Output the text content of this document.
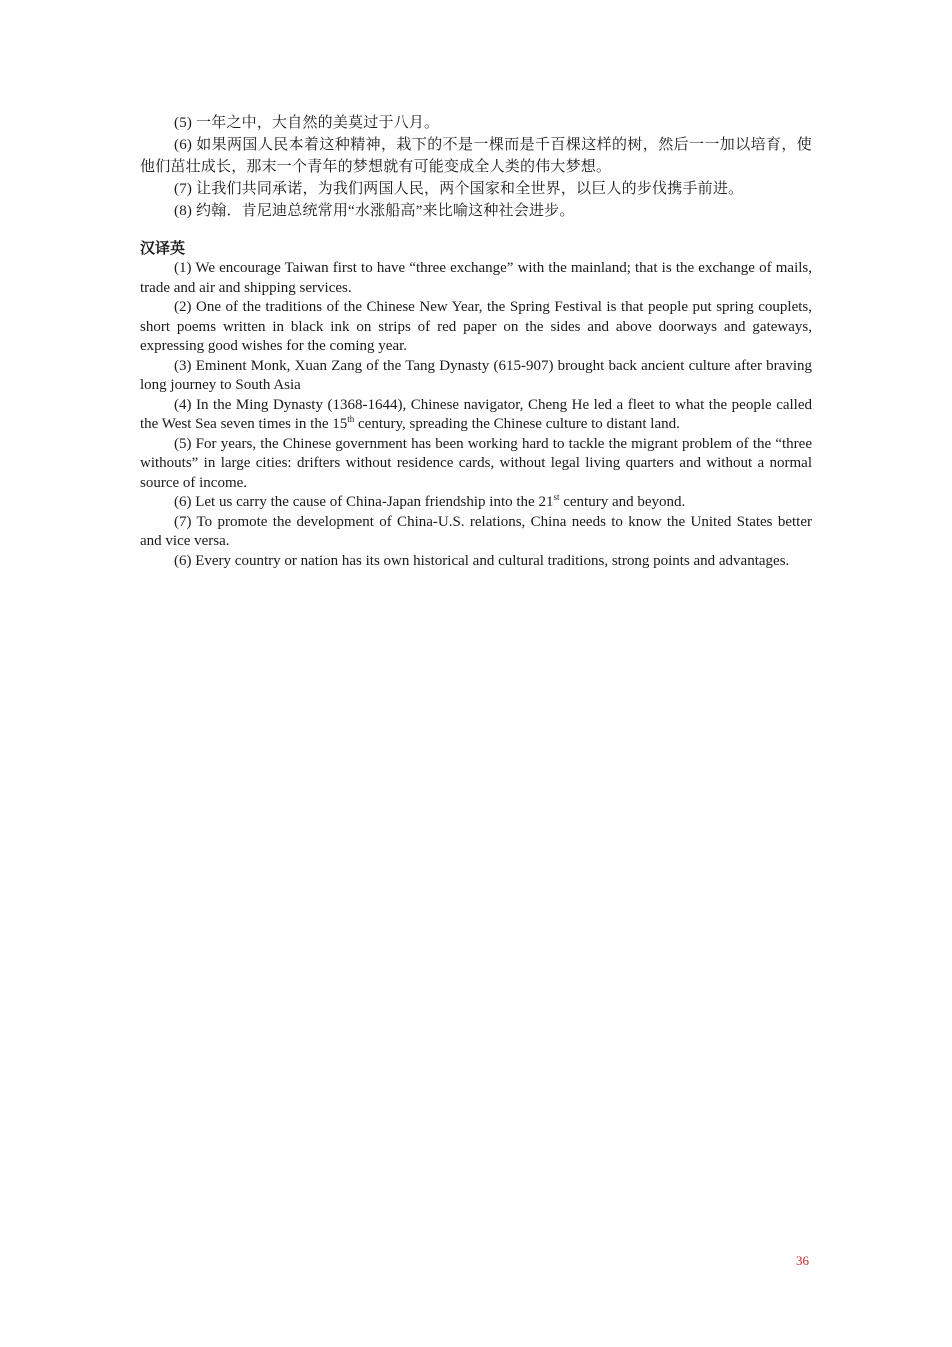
(5) 一年之中，大自然的美莫过于八月。

(6) 如果两国人民本着这种精神，栽下的不是一棵而是千百棵这样的树，然后一一加以培育，使他们茁壮成长，那末一个青年的梦想就有可能变成全人类的伟大梦想。

(7) 让我们共同承诺，为我们两国人民，两个国家和全世界，以巨人的步伐携手前进。

(8) 约翰．肯尼迪总统常用“水涨船高”来比喻这种社会进步。

汉译英

(1) We encourage Taiwan first to have “three exchange” with the mainland; that is the exchange of mails, trade and air and shipping services.

(2) One of the traditions of the Chinese New Year, the Spring Festival is that people put spring couplets, short poems written in black ink on strips of red paper on the sides and above doorways and gateways, expressing good wishes for the coming year.

(3) Eminent Monk, Xuan Zang of the Tang Dynasty (615-907) brought back ancient culture after braving long journey to South Asia

(4) In the Ming Dynasty (1368-1644), Chinese navigator, Cheng He led a fleet to what the people called the West Sea seven times in the 15th century, spreading the Chinese culture to distant land.

(5) For years, the Chinese government has been working hard to tackle the migrant problem of the “three withouts” in large cities: drifters without residence cards, without legal living quarters and without a normal source of income.

(6) Let us carry the cause of China-Japan friendship into the 21st century and beyond.

(7) To promote the development of China-U.S. relations, China needs to know the United States better and vice versa.

(6) Every country or nation has its own historical and cultural traditions, strong points and advantages.

36
